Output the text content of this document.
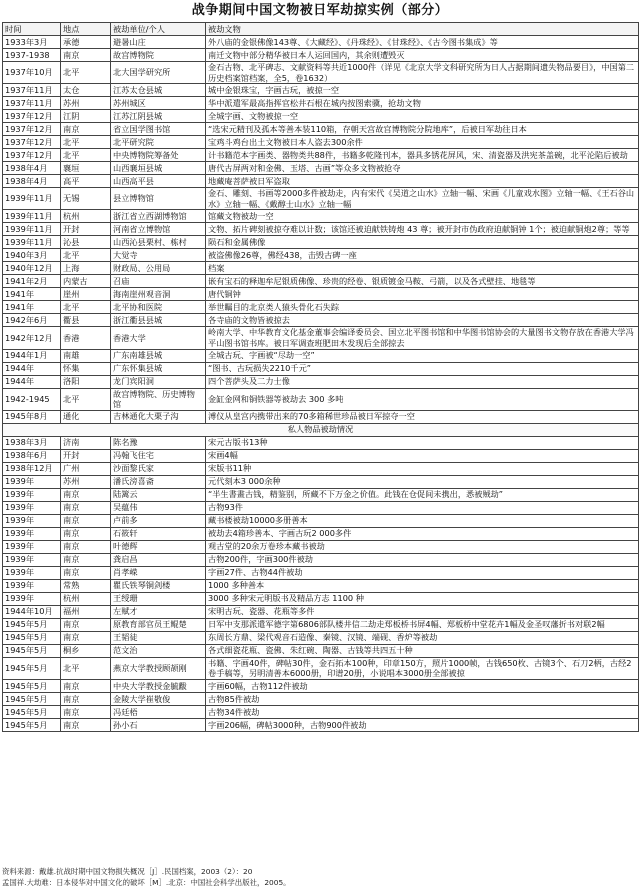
战争期间中国文物被日军劫掠实例（部分）
时间	地点	被劫单位/个人	被劫文物
1933年3月	承德	避暑山庄	外八庙的金银佛像143尊、《大藏经》、《丹珠经》、《甘珠经》、《古今图书集成》等
1937-1938	南京	故宫博物院	南迁文物中部分精华被日本人运回国内，其余则遭毁灭
1937年10月	北平	北大国学研究所	金石古物、北平碑志、文献资料等共近1000件（详见《北京大学文科研究所为日人占据期间遗失物品要目》，中国第二历史档案馆档案，全5，卷1632）
1937年11月	太仓	江苏太仓县城	城中金银珠宝，字画古玩，被掠一空
1937年11月	苏州	苏州城区	华中派遣军最高指挥官松井石根在城内按图索骥，抢劫文物
1937年12月	江阴	江苏江阴县城	全城字画、文物被掠一空
1937年12月	南京	省立国学图书馆	“选宋元精刊及孤本等善本装110箱，存朝天宫故宫博物院分院地库”，后被日军劫往日本
1937年12月	北平	北平研究院	宝鸡斗鸡台出土文物被日本人盗去300余件
1937年12月	北平	中央博物院筹备处	计书籍范本字画类、器物类共88件，书籍多乾隆刊本，器具多锈花屏风，宋、清瓷器及洪宪茶盖碗，北平沦陷后被劫
1938年4月	襄垣	山西襄垣县城	唐代古屏两对和金佛、玉塔、古画”等众多文物被抢夺
1938年4月	高平	山西高平县	地藏庵菩萨被日军盗取
1939年11月	无锡	县立博物馆	金石、雕刻、书画等2000多件被劫走，内有宋代《吴道之山水》立轴一幅、宋画《儿童戏水图》立轴一幅、《王石谷山水》立轴一幅、《戴醇士山水》立轴一幅
1939年11月	杭州	浙江省立西湖博物馆	馆藏文物被劫一空
1939年11月	开封	河南省立博物馆	文物、拓片碑刻被掠夺难以计数；该馆还被迫献铁铸炮 43 尊；被开封市伪政府迫献铜钟 1个；被迫献铜炮2尊；等等
1939年11月	沁县	山西沁县栗村、栋村	陨石和金属佛像
1940年3月	北平	大觉寺	被盗佛像26尊，佛经438，击毁古碑一座
1940年12月	上海	财政局、公用局	档案
1941年2月	内蒙古	召庙	嵌有宝石的释迦牟尼银质佛像、珍贵的经卷、银质镀金马鞍、弓箭，以及各式壁挂、地毯等
1941年	崖州	海南崖州观音洞	唐代铜钟
1941年	北平	北平协和医院	举世瞩目的北京类人猿头骨化石失踪
1942年6月	衢县	浙江衢县县城	各寺庙的文物皆被掠去
1942年12月	香港	香港大学	岭南大学、中华教育文化基金董事会编译委员会、国立北平图书馆和中华图书馆协会的大量图书文物存放在香港大学冯平山图书馆书库。被日军调查班肥田木发现后全部掠去
1944年1月	南雄	广东南雄县城	全城古玩、字画被“尽劫一空”
1944年	怀集	广东怀集县城	“图书、古玩损失2210千元”
1944年	洛阳	龙门宾阳洞	四个菩萨头及二力士像
1942-1945	北平	故宫博物院、历史博物馆	金缸金网和铜铁器等被劫去 300 多吨
1945年8月	通化	吉林通化大栗子沟	溥仪从皇宫内携带出来的70多箱稀世珍品被日军掠夺一空
私人物品被劫情况			
1938年3月	济南	陈名豫	宋元古版书13种
1938年6月	开封	冯翰飞住宅	宋画4幅
1938年12月	广州	沙面黎氏家	宋版书11种
1939年	苏州	潘氏滂喜斋	元代刻本3 000余种
1939年	南京	陆篱云	“半生書畫古钱，精鉴别，所藏不下万金之价值。此钱在仓促间未携出，悉被贼劫”
1939年	南京	吴蕴伟	古物93件
1939年	南京	卢前多	藏书楼被劫10000多册善本
1939年	南京	石筱轩	被劫去4箱珍善本、字画古玩2 000多件
1939年	南京	叶德辉	观古堂的20余万卷珍本藏书被劫
1939年	南京	龚启昌	古物200件，字画300件被劫
1939年	南京	肖孝嵘	字画27件、古物44件被劫
1939年	常熟	瞿氏铁琴铜剑楼	1000 多种善本
1939年	杭州	王绶珊	3000 多种宋元明版书及精品方志 1100 种
1944年10月	福州	左赋才	宋明古玩、瓷器、花瓶等多件
1945年5月	南京	原教育部官员王鲲楚	日军中支那派遣军德字第6806部队楼井信二劫走郑板桥书屏4幅、郑板桥中堂花卉1幅及金圣叹藩折书对联2幅
1945年5月	南京	王韬徒	东周长方鼎、梁代观音石造像、秦镜、汉镜、端砚、香炉等被劫
1945年5月	桐乡	范文治	各式细瓷花瓶、瓷佛、朱红碗、陶器、古钱等共四五十种
1945年5月	北平	燕京大学教授顾颉刚	书籍、字画40件，碑帖30件，金石拓本100种，印章150方，照片1000帧，古钱650枚、古镜3个、石刀2柄，古经2卷手稿等，另明清善本6000册，印谱20册，小说唱本3000册全部被掠
1945年5月	南京	中央大学教授金毓黻	字画60幅，古物112件被劫
1945年5月	南京	金陵大学崔敬俊	古物85件被劫
1945年5月	南京	冯廷梧	古物34件被劫
1945年5月	南京	孙小石	字画206幅，碑帖3000种，古物900件被劫
资料来源：戴雄.抗战时期中国文物损失概况［J］.民国档案，2003（2）：20
孟国祥.大劫难：日本侵华对中国文化的破坏［M］.北京：中国社会科学出版社，2005。
